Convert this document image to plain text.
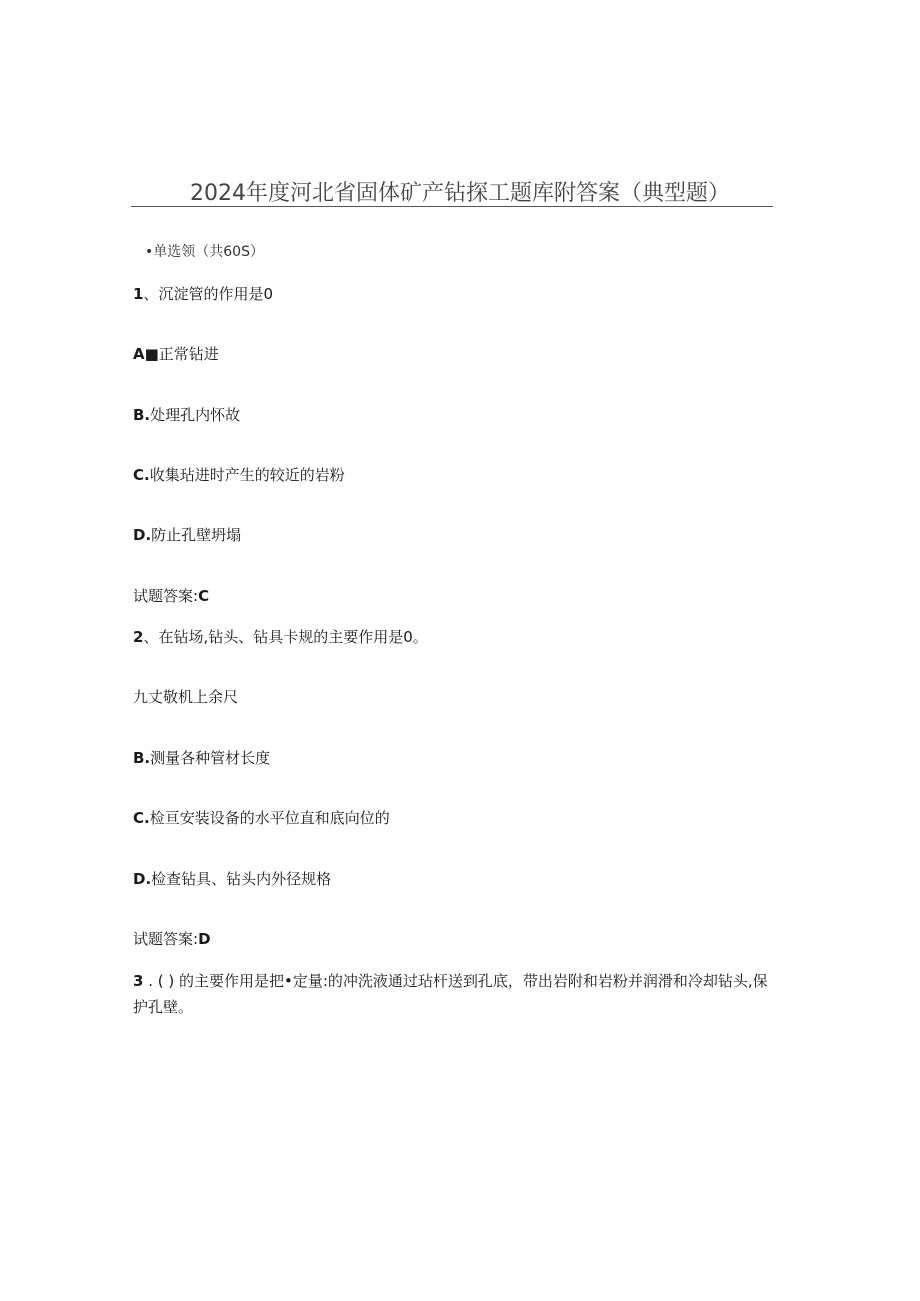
2024年度河北省固体矿产钻探工题库附答案（典型题）
•单选领（共60S）
1、沉淀管的作用是0
A■正常钻进
B.处理孔内怀故
C.收集玷进时产生的较近的岩粉
D.防止孔壁坍塌
试题答案:C
2、在钻场,钻头、钻具卡规的主要作用是0。
九丈敬机上余尺
B.测量各种管材长度
C.检亘安装设备的水平位直和底向位的
D.检查钻具、钻头内外径规格
试题答案:D
3 . ( ) 的主要作用是把•定量:的冲洗液通过玷杆送到孔底，带出岩附和岩粉并润滑和冷却钻头,保护孔壁。
